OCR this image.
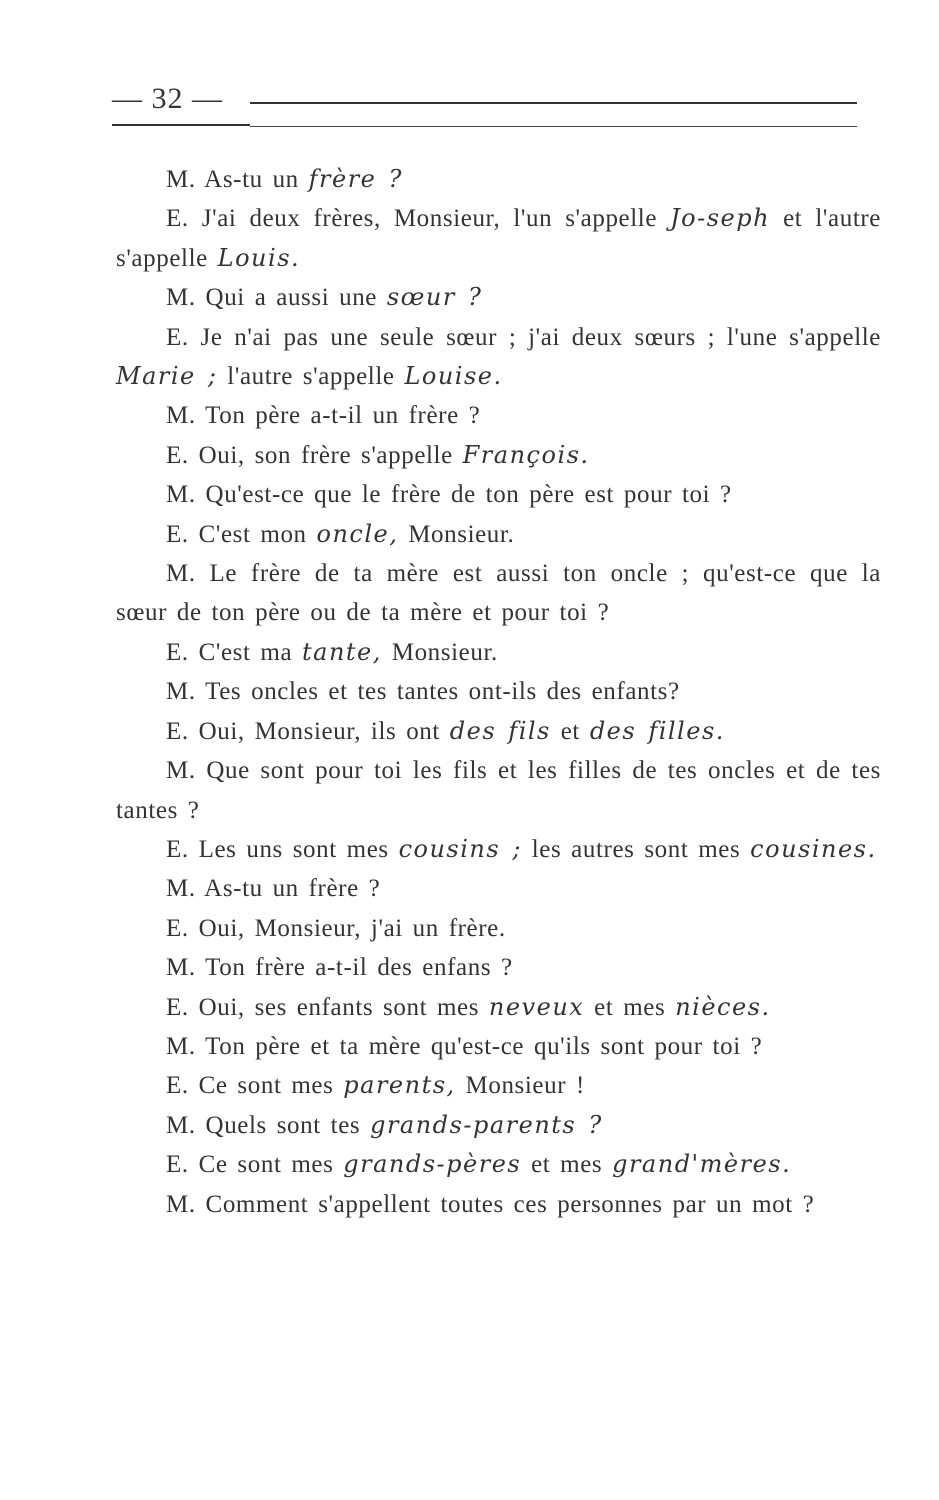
— 32 —

M. As-tu un frère ?

E. J'ai deux frères, Monsieur, l'un s'appelle Jo-seph et l'autre s'appelle Louis.

M. Qui a aussi une sœur ?

E. Je n'ai pas une seule sœur ; j'ai deux sœurs ; l'une s'appelle Marie ; l'autre s'appelle Louise.

M. Ton père a-t-il un frère ?

E. Oui, son frère s'appelle François.

M. Qu'est-ce que le frère de ton père est pour toi ?

E. C'est mon oncle, Monsieur.

M. Le frère de ta mère est aussi ton oncle ; qu'est-ce que la sœur de ton père ou de ta mère et pour toi ?

E. C'est ma tante, Monsieur.

M. Tes oncles et tes tantes ont-ils des enfants?

E. Oui, Monsieur, ils ont des fils et des filles.

M. Que sont pour toi les fils et les filles de tes oncles et de tes tantes ?

E. Les uns sont mes cousins ; les autres sont mes cousines.

M. As-tu un frère ?

E. Oui, Monsieur, j'ai un frère.

M. Ton frère a-t-il des enfans ?

E. Oui, ses enfants sont mes neveux et mes nièces.

M. Ton père et ta mère qu'est-ce qu'ils sont pour toi ?

E. Ce sont mes parents, Monsieur !

M. Quels sont tes grands-parents ?

E. Ce sont mes grands-pères et mes grand'mères.

M. Comment s'appellent toutes ces personnes par un mot ?
